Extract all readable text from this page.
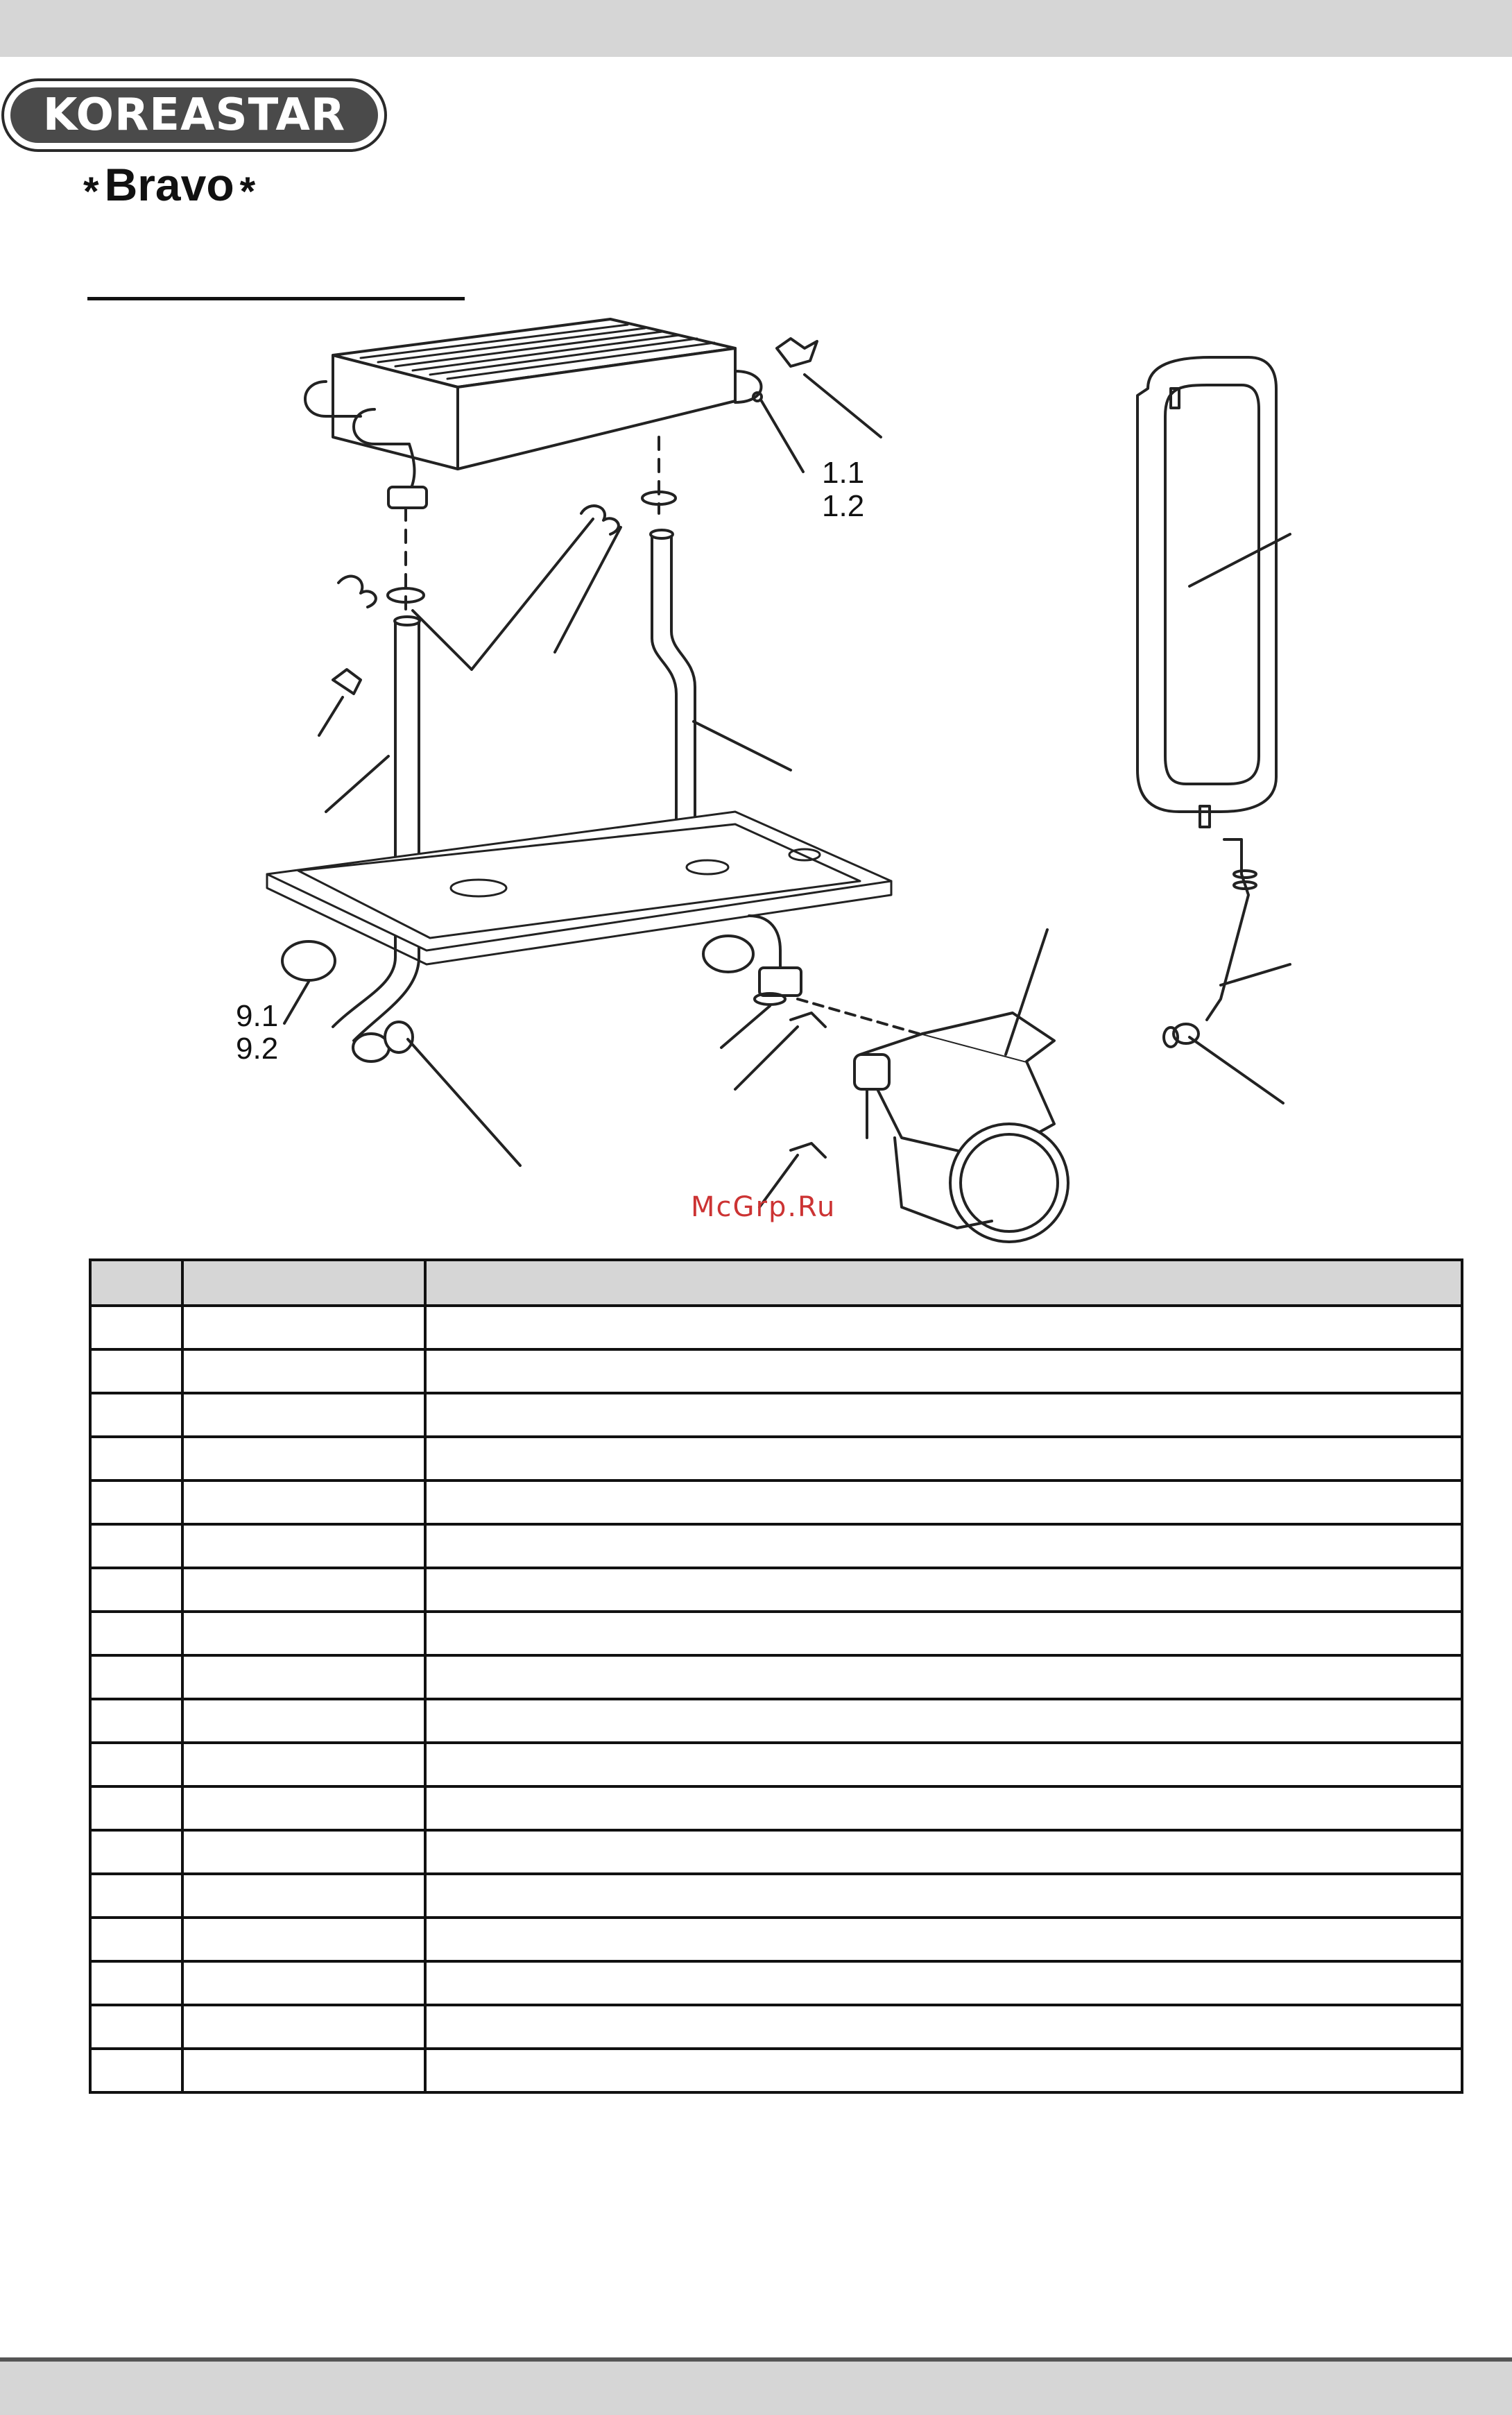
KOREASTAR
* Bravo *
1.1
1.2
9.1
9.2
McGrp.Ru
